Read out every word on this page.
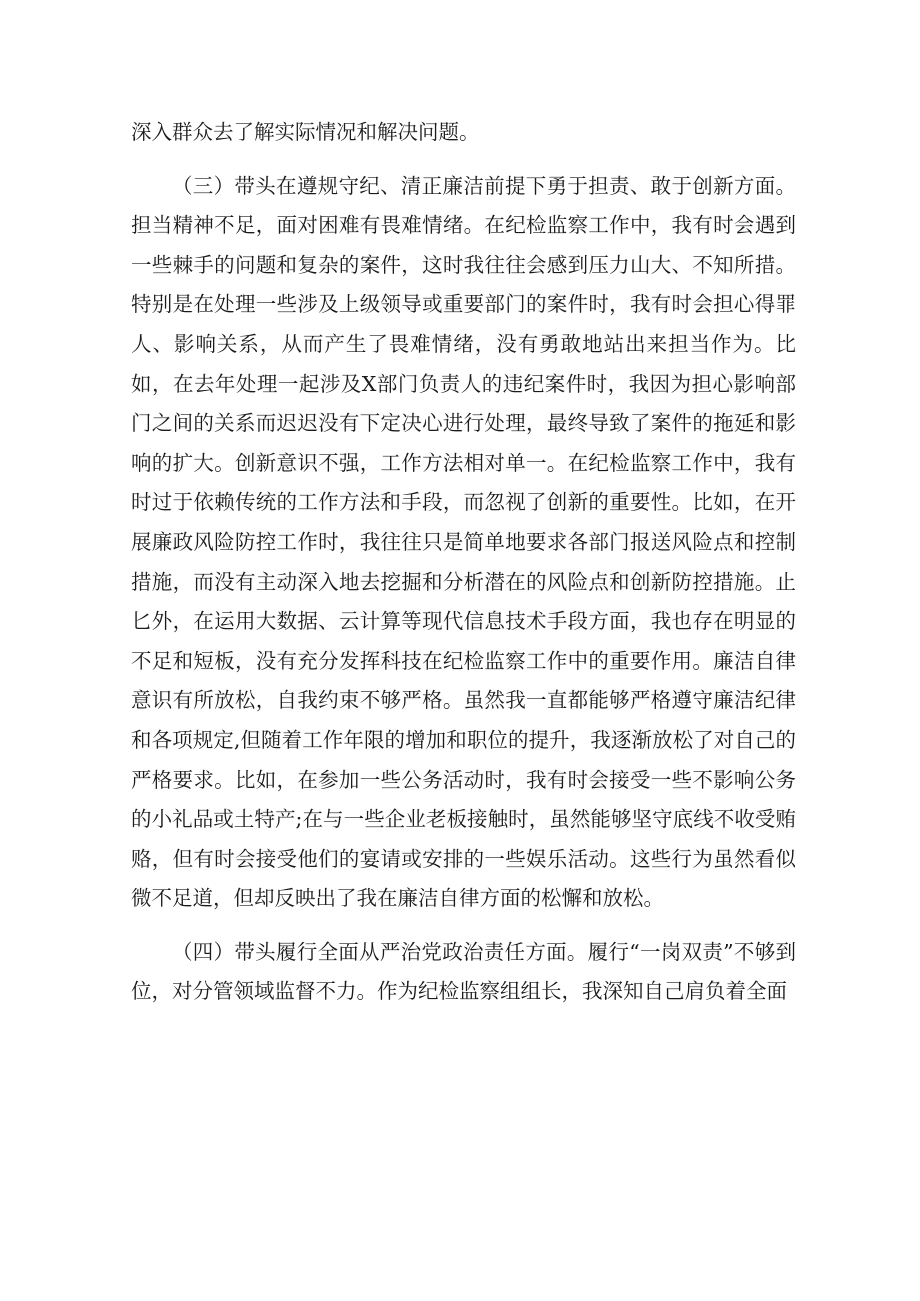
深入群众去了解实际情况和解决问题。

（三）带头在遵规守纪、清正廉洁前提下勇于担责、敢于创新方面。担当精神不足，面对困难有畏难情绪。在纪检监察工作中，我有时会遇到一些棘手的问题和复杂的案件，这时我往往会感到压力山大、不知所措。特别是在处理一些涉及上级领导或重要部门的案件时，我有时会担心得罪人、影响关系，从而产生了畏难情绪，没有勇敢地站出来担当作为。比如，在去年处理一起涉及X部门负责人的违纪案件时，我因为担心影响部门之间的关系而迟迟没有下定决心进行处理，最终导致了案件的拖延和影响的扩大。创新意识不强，工作方法相对单一。在纪检监察工作中，我有时过于依赖传统的工作方法和手段，而忽视了创新的重要性。比如，在开展廉政风险防控工作时，我往往只是简单地要求各部门报送风险点和控制措施，而没有主动深入地去挖掘和分析潜在的风险点和创新防控措施。止匕外，在运用大数据、云计算等现代信息技术手段方面，我也存在明显的不足和短板，没有充分发挥科技在纪检监察工作中的重要作用。廉洁自律意识有所放松，自我约束不够严格。虽然我一直都能够严格遵守廉洁纪律和各项规定,但随着工作年限的增加和职位的提升，我逐渐放松了对自己的严格要求。比如，在参加一些公务活动时，我有时会接受一些不影响公务的小礼品或土特产;在与一些企业老板接触时，虽然能够坚守底线不收受贿赂，但有时会接受他们的宴请或安排的一些娱乐活动。这些行为虽然看似微不足道，但却反映出了我在廉洁自律方面的松懈和放松。

（四）带头履行全面从严治党政治责任方面。履行“一岗双责”不够到位，对分管领域监督不力。作为纪检监察组组长，我深知自己肩负着全面
